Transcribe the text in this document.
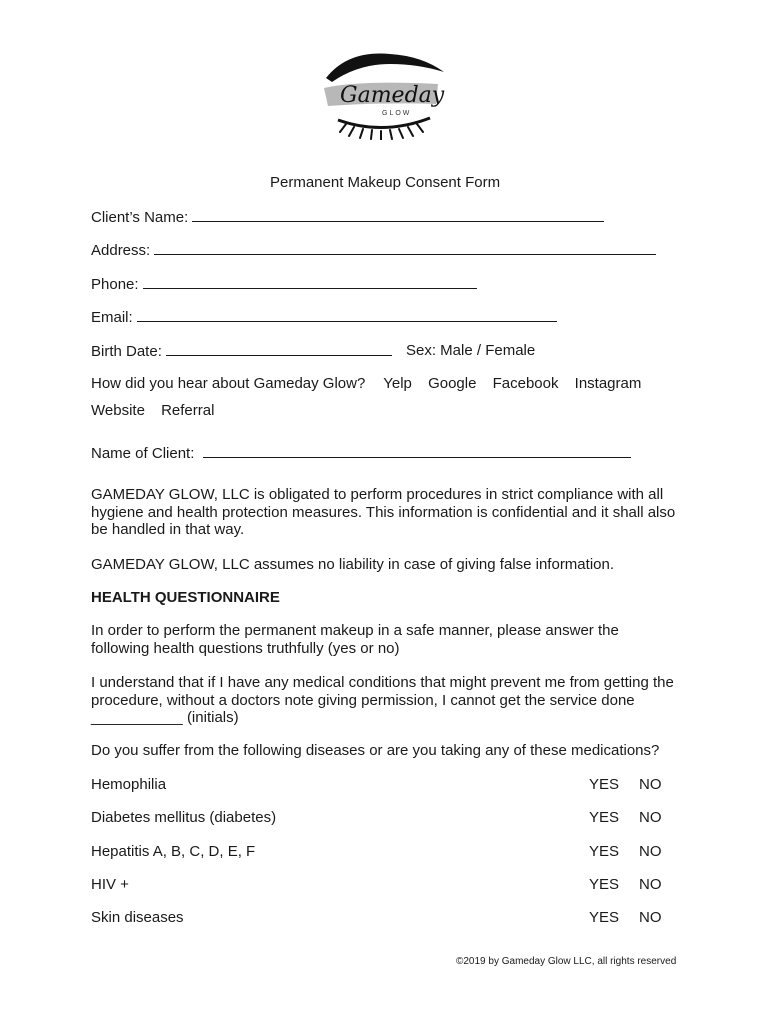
Gameday
GLOW
Permanent Makeup Consent Form
Client’s Name:
Address:
Phone:
Email:
Birth Date:	Sex: Male / Female
How did you hear about Gameday Glow? Yelp Google Facebook Instagram
Website Referral
Name of Client:
GAMEDAY GLOW, LLC is obligated to perform procedures in strict compliance with all hygiene and health protection measures. This information is confidential and it shall also be handled in that way.
GAMEDAY GLOW, LLC assumes no liability in case of giving false information.
HEALTH QUESTIONNAIRE
In order to perform the permanent makeup in a safe manner, please answer the following health questions truthfully (yes or no)
I understand that if I have any medical conditions that might prevent me from getting the procedure, without a doctors note giving permission, I cannot get the service done ___________ (initials)
Do you suffer from the following diseases or are you taking any of these medications?
Hemophilia	YES NO
Diabetes mellitus (diabetes)	YES NO
Hepatitis A, B, C, D, E, F	YES NO
HIV +	YES NO
Skin diseases	YES NO
©2019 by Gameday Glow LLC, all rights reserved
